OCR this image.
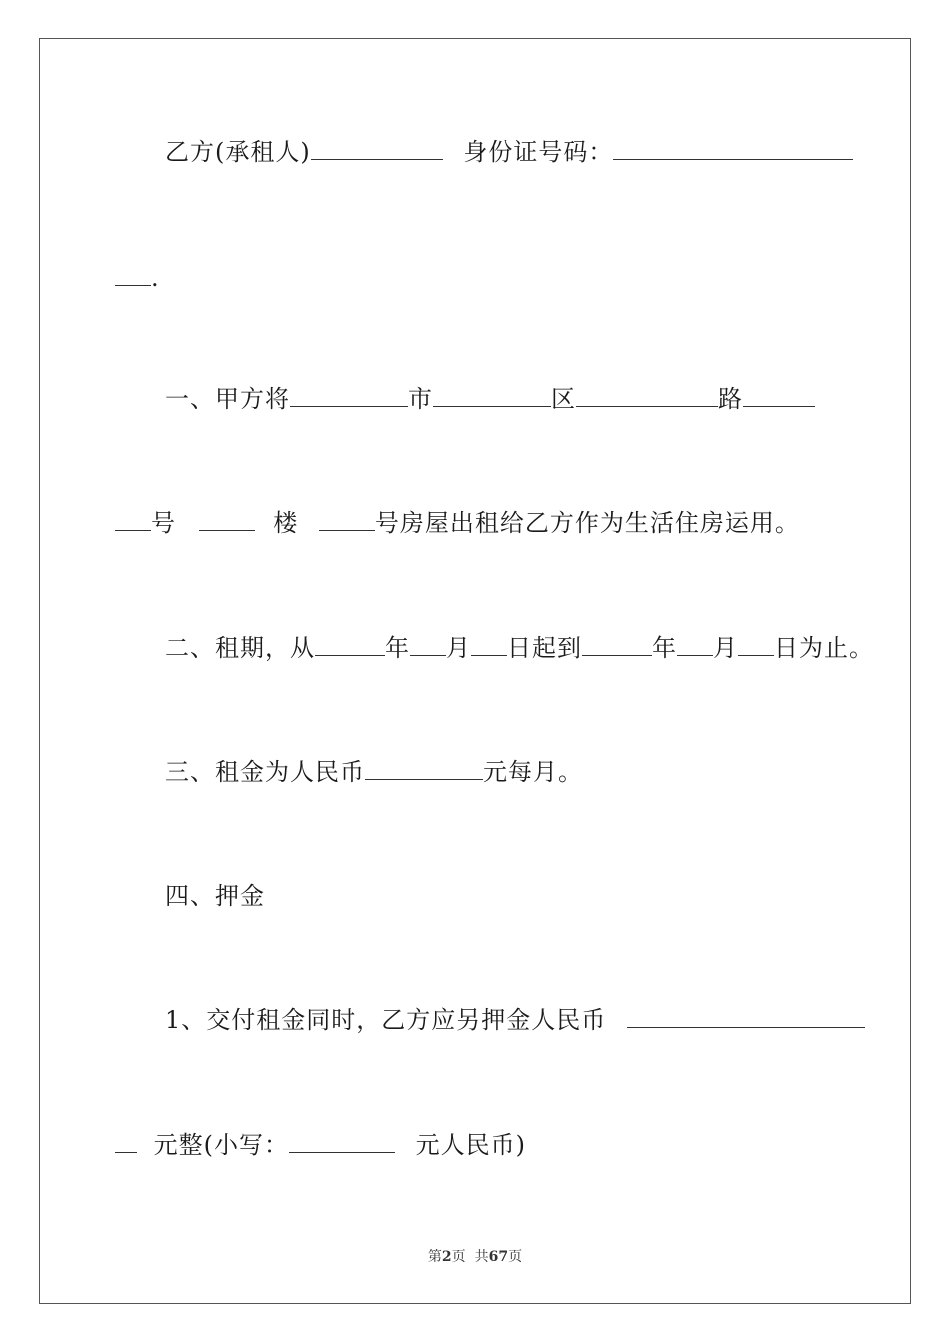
乙方(承租人)	身份证号码：
.
一、甲方将	市	区	路
号	楼	号房屋出租给乙方作为生活住房运用。
二、租期，从	年 月 日起到	年 月 日为止。
三、租金为人民币	元每月。
四、押金
1、交付租金同时，乙方应另押金人民币
元整(小写：	元人民币)
第2页  共67页
